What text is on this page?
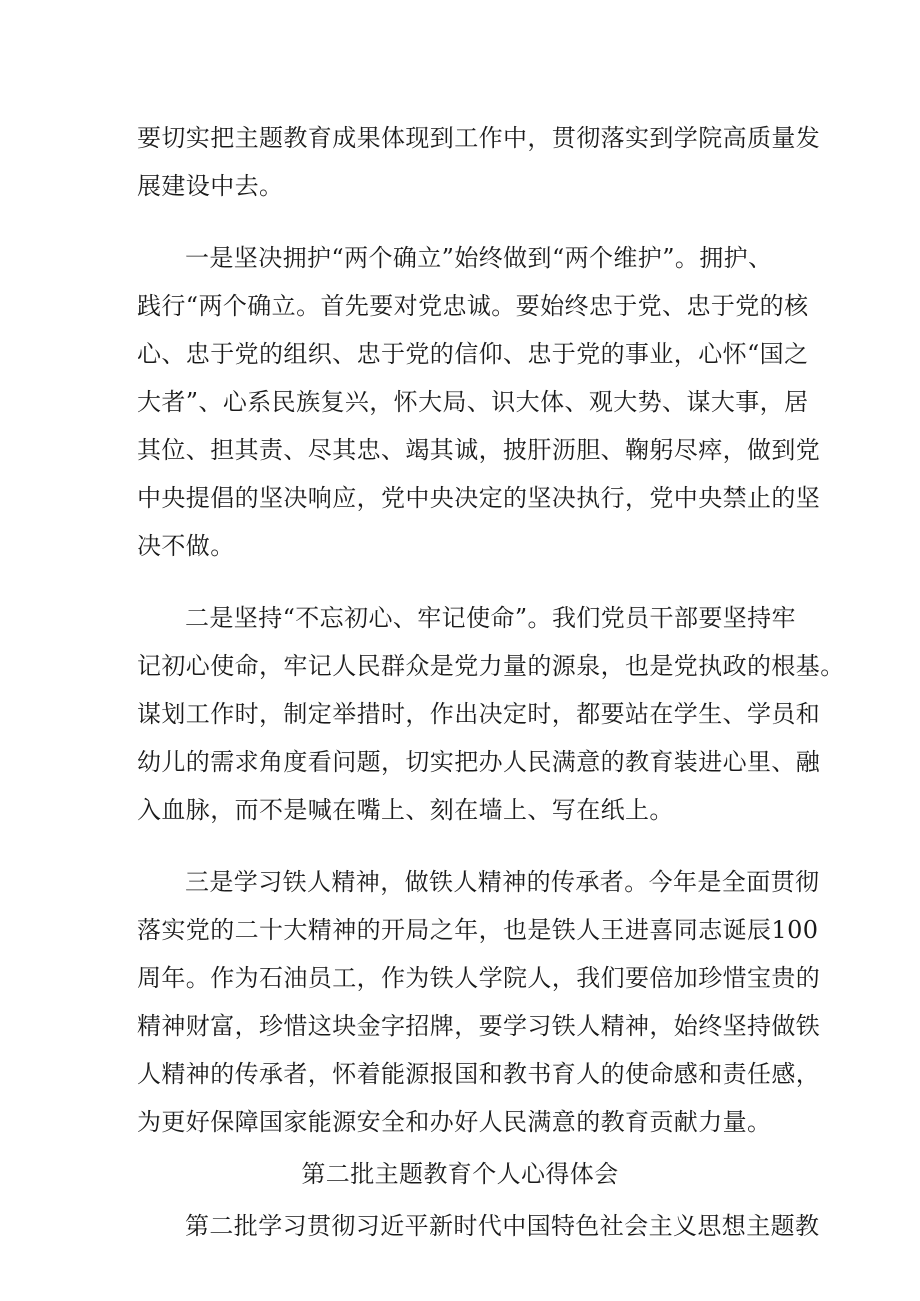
要切实把主题教育成果体现到工作中，贯彻落实到学院高质量发
展建设中去。
一是坚决拥护“两个确立”始终做到“两个维护”。拥护、
践行“两个确立。首先要对党忠诚。要始终忠于党、忠于党的核
心、忠于党的组织、忠于党的信仰、忠于党的事业，心怀“国之
大者”、心系民族复兴，怀大局、识大体、观大势、谋大事，居
其位、担其责、尽其忠、竭其诚，披肝沥胆、鞠躬尽瘁，做到党
中央提倡的坚决响应，党中央决定的坚决执行，党中央禁止的坚
决不做。
二是坚持“不忘初心、牢记使命”。我们党员干部要坚持牢
记初心使命，牢记人民群众是党力量的源泉，也是党执政的根基。
谋划工作时，制定举措时，作出决定时，都要站在学生、学员和
幼儿的需求角度看问题，切实把办人民满意的教育装进心里、融
入血脉，而不是喊在嘴上、刻在墙上、写在纸上。
三是学习铁人精神，做铁人精神的传承者。今年是全面贯彻
落实党的二十大精神的开局之年，也是铁人王进喜同志诞辰100
周年。作为石油员工，作为铁人学院人，我们要倍加珍惜宝贵的
精神财富，珍惜这块金字招牌，要学习铁人精神，始终坚持做铁
人精神的传承者，怀着能源报国和教书育人的使命感和责任感，
为更好保障国家能源安全和办好人民满意的教育贡献力量。
第二批主题教育个人心得体会
第二批学习贯彻习近平新时代中国特色社会主义思想主题教
